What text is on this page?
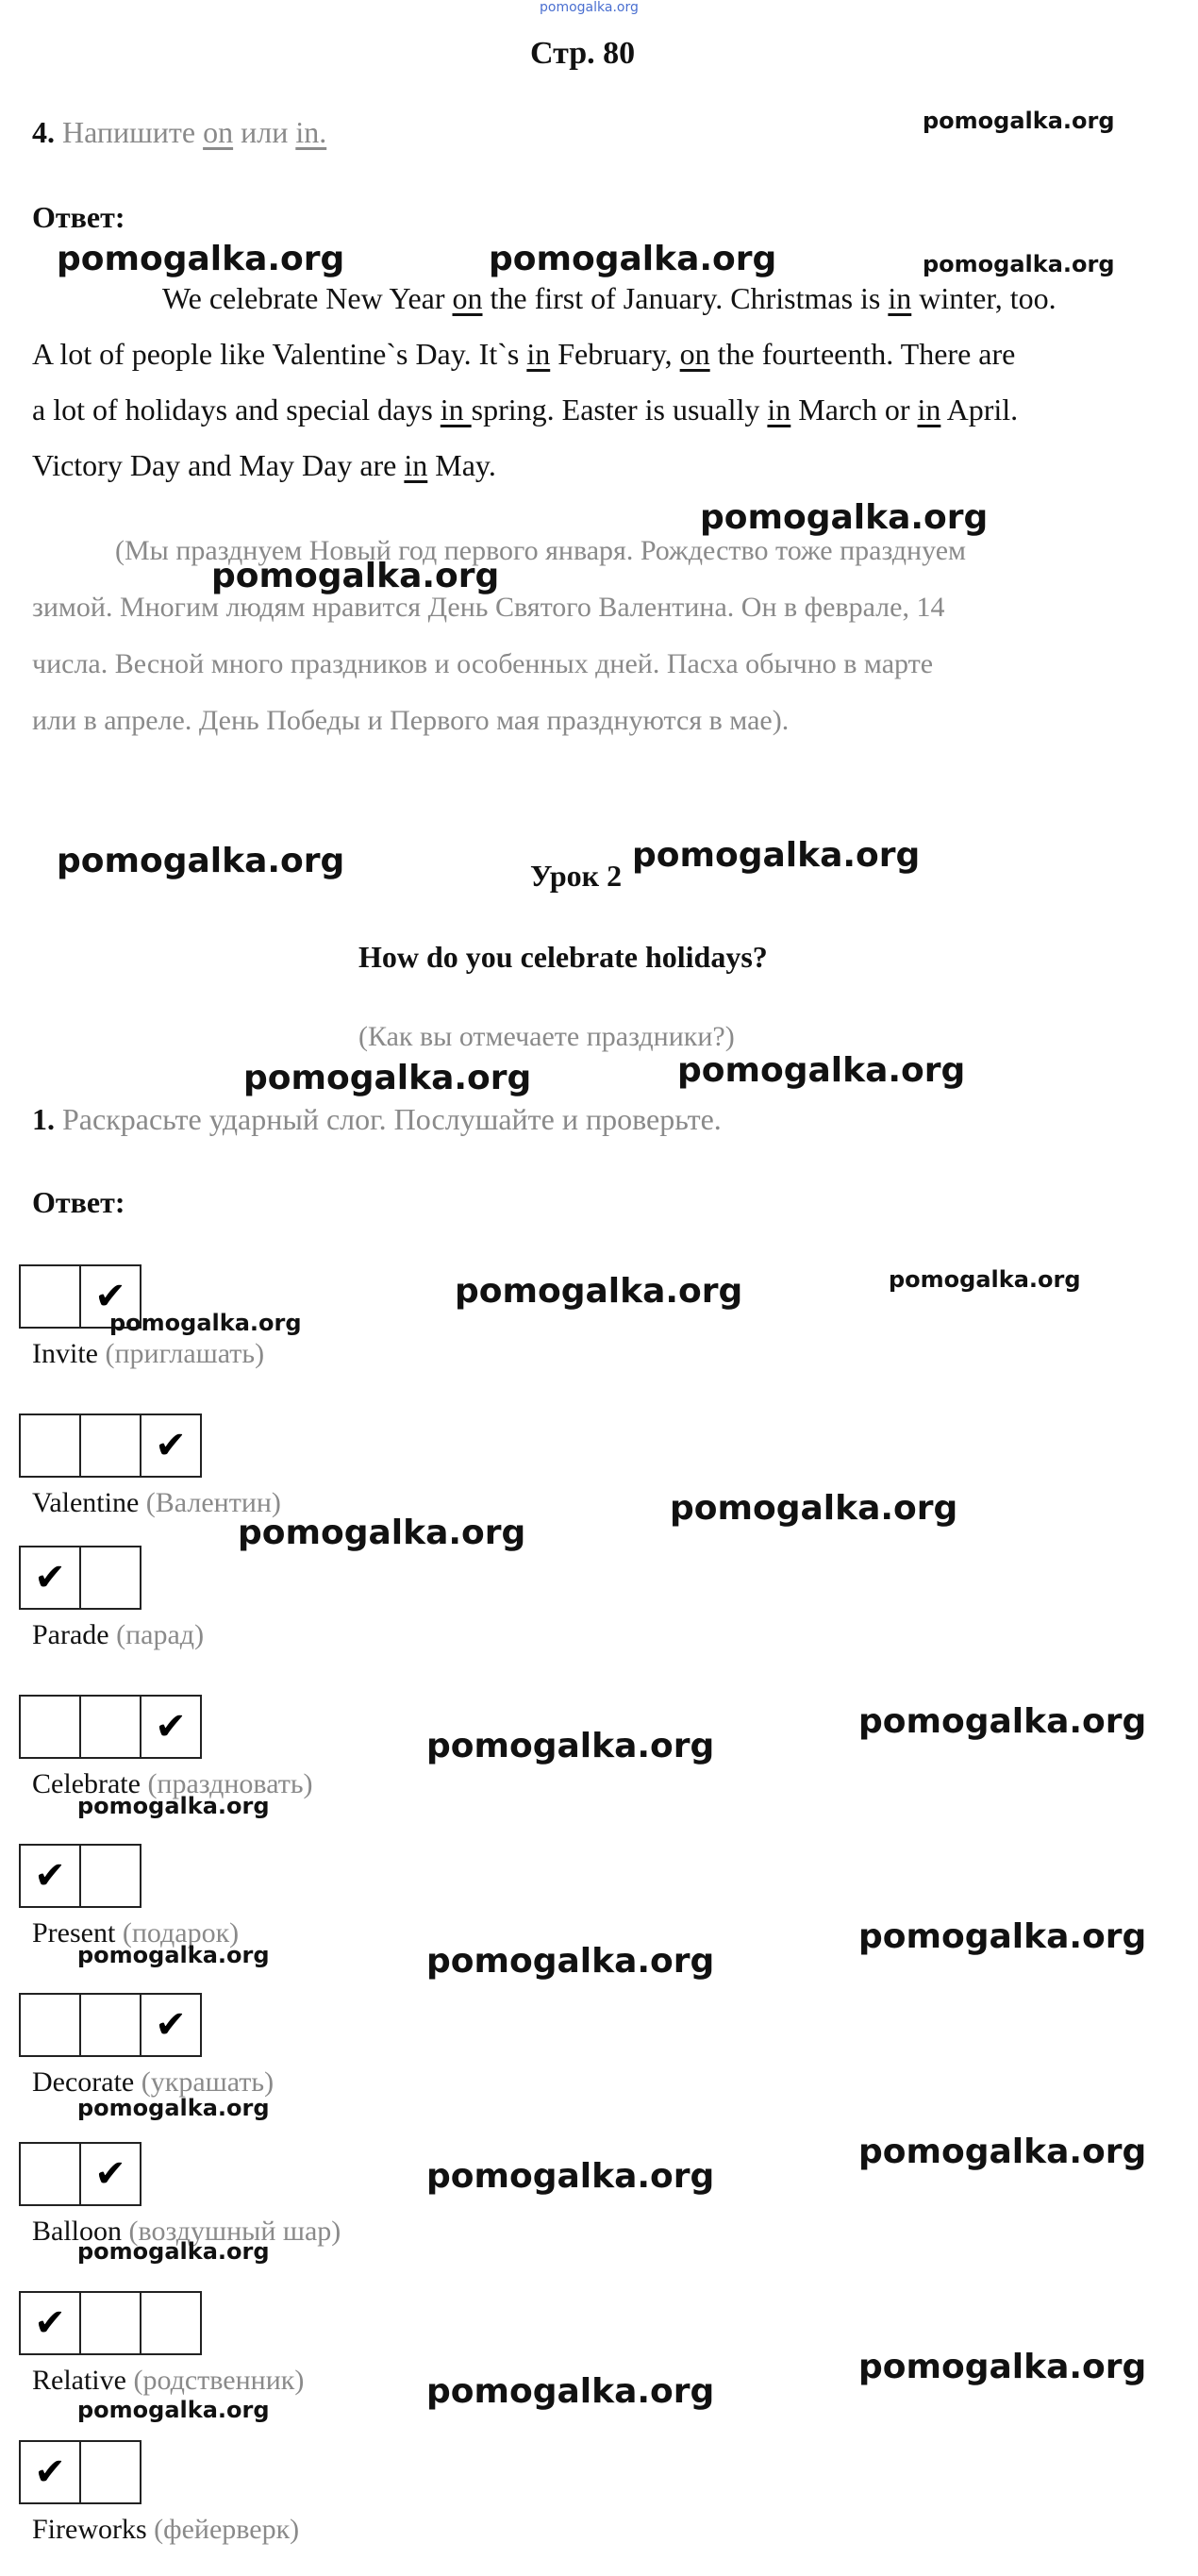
pomogalka.org
Стр. 80
4. Напишите on или in.
Ответ:
We celebrate New Year on the first of January. Christmas is in winter, too.
A lot of people like Valentine`s Day. It`s in February, on the fourteenth. There are
a lot of holidays and special days in spring. Easter is usually in March or in April.
Victory Day and May Day are in May.
(Мы празднуем Новый год первого января. Рождество тоже празднуем
зимой. Многим людям нравится День Святого Валентина. Он в феврале, 14
числа. Весной много праздников и особенных дней. Пасха обычно в марте
или в апреле. День Победы и Первого мая празднуются в мае).
Урок 2
How do you celebrate holidays?
(Как вы отмечаете праздники?)
1. Раскрасьте ударный слог. Послушайте и проверьте.
Ответ:
✔
Invite (приглашать)
✔
Valentine (Валентин)
✔
Parade (парад)
✔
Celebrate (праздновать)
✔
Present (подарок)
✔
Decorate (украшать)
✔
Balloon (воздушный шар)
✔
Relative (родственник)
✔
Fireworks (фейерверк)
pomogalka.org
pomogalka.org	pomogalka.org	pomogalka.org
pomogalka.org
pomogalka.org
pomogalka.org	pomogalka.org
pomogalka.org	pomogalka.org
pomogalka.org	pomogalka.org
pomogalka.org
pomogalka.org
pomogalka.org
pomogalka.org
pomogalka.org
pomogalka.org
pomogalka.org
pomogalka.org
pomogalka.org
pomogalka.org
pomogalka.org
pomogalka.org
pomogalka.org
pomogalka.org
pomogalka.org
pomogalka.org
